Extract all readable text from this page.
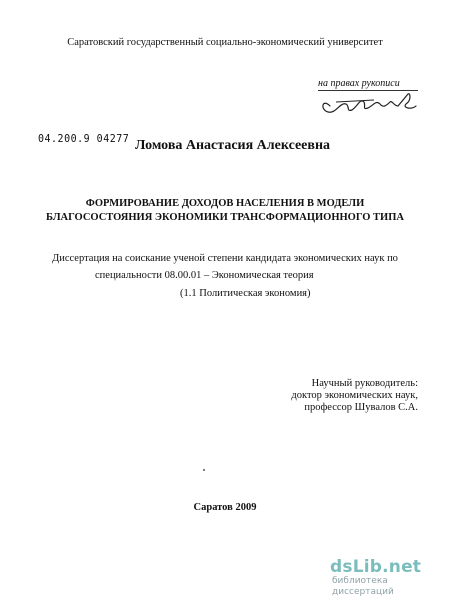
Саратовский государственный социально-экономический университет
на правах рукописи
04.200.9 04277 Ломова Анастасия Алексеевна
ФОРМИРОВАНИЕ ДОХОДОВ НАСЕЛЕНИЯ В МОДЕЛИ
БЛАГОСОСТОЯНИЯ ЭКОНОМИКИ ТРАНСФОРМАЦИОННОГО ТИПА
Диссертация на соискание ученой степени кандидата экономических наук по
специальности 08.00.01 – Экономическая теория
(1.1 Политическая экономия)
Научный руководитель:
доктор экономических наук,
профессор Шувалов С.А.
Саратов 2009
dsLib.net
библиотека диссертаций
